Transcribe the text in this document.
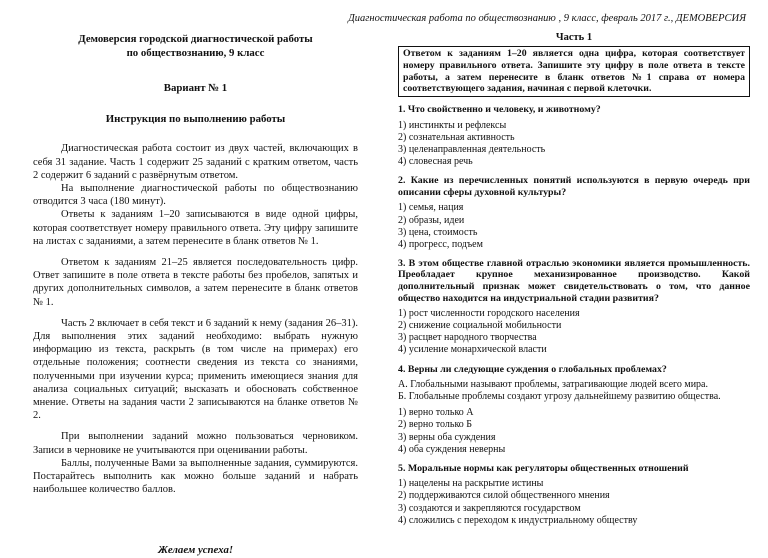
Диагностическая работа по обществознанию , 9 класс, февраль 2017 г., ДЕМОВЕРСИЯ
Демоверсия городской диагностической работы
по обществознанию, 9 класс
Вариант № 1
Инструкция по выполнению работы

Диагностическая работа состоит из двух частей, включающих в себя 31 задание. Часть 1 содержит 25 заданий с кратким ответом, часть 2 содержит 6 заданий с развёрнутым ответом.

На выполнение диагностической работы по обществознанию отводится 3 часа (180 минут).

Ответы к заданиям 1–20 записываются в виде одной цифры, которая соответствует номеру правильного ответа. Эту цифру запишите на листах с заданиями, а затем перенесите в бланк ответов № 1.

Ответом к заданиям 21–25 является последовательность цифр. Ответ запишите в поле ответа в тексте работы без пробелов, запятых и других дополнительных символов, а затем перенесите в бланк ответов № 1.

Часть 2 включает в себя текст и 6 заданий к нему (задания 26–31). Для выполнения этих заданий необходимо: выбрать нужную информацию из текста, раскрыть (в том числе на примерах) его отдельные положения; соотнести сведения из текста со знаниями, полученными при изучении курса; применить имеющиеся знания для анализа социальных ситуаций; высказать и обосновать собственное мнение. Ответы на задания части 2 записываются на бланке ответов № 2.

При выполнении заданий можно пользоваться черновиком. Записи в черновике не учитываются при оценивании работы.

Баллы, полученные Вами за выполненные задания, суммируются. Постарайтесь выполнить как можно больше заданий и набрать наибольшее количество баллов.

Желаем успеха!
Часть 1
Ответом к заданиям 1–20 является одна цифра, которая соответствует номеру правильного ответа. Запишите эту цифру в поле ответа в тексте работы, а затем перенесите в бланк ответов №1 справа от номера соответствующего задания, начиная с первой клеточки.
1. Что свойственно и человеку, и животному?
1) инстинкты и рефлексы
2) сознательная активность
3) целенаправленная деятельность
4) словесная речь
2. Какие из перечисленных понятий используются в первую очередь при описании сферы духовной культуры?
1) семья, нация
2) образы, идеи
3) цена, стоимость
4) прогресс, подъем
3. В этом обществе главной отраслью экономики является промышленность. Преобладает крупное механизированное производство. Какой дополнительный признак может свидетельствовать о том, что данное общество находится на индустриальной стадии развития?
1) рост численности городского населения
2) снижение социальной мобильности
3) расцвет народного творчества
4) усиление монархической власти
4. Верны ли следующие суждения о глобальных проблемах?
А. Глобальными называют проблемы, затрагивающие людей всего мира.
Б. Глобальные проблемы создают угрозу дальнейшему развитию общества.
1) верно только А
2) верно только Б
3) верны оба суждения
4) оба суждения неверны
5. Моральные нормы как регуляторы общественных отношений
1) нацелены на раскрытие истины
2) поддерживаются силой общественного мнения
3) создаются и закрепляются государством
4) сложились с переходом к индустриальному обществу
